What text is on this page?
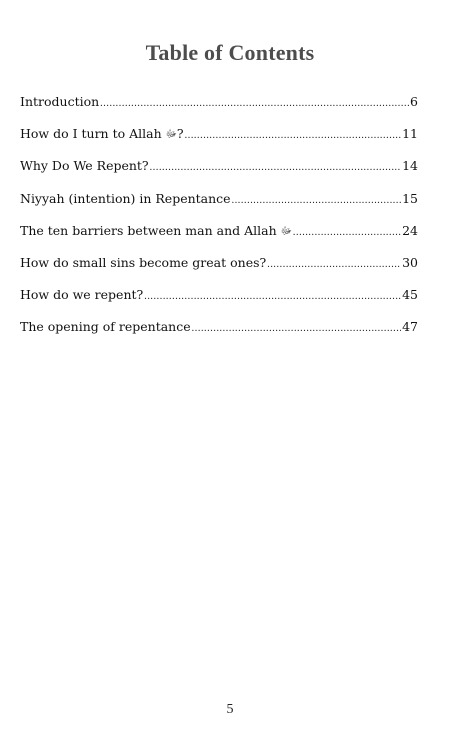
Table of Contents
Introduction .....	6
How do I turn to Allah ﷻ? .....	11
Why Do We Repent? .....	14
Niyyah (intention) in Repentance .....	15
The ten barriers between man and Allah ﷻ .....	24
How do small sins become great ones? .....	30
How do we repent? .....	45
The opening of repentance .....	47
5
